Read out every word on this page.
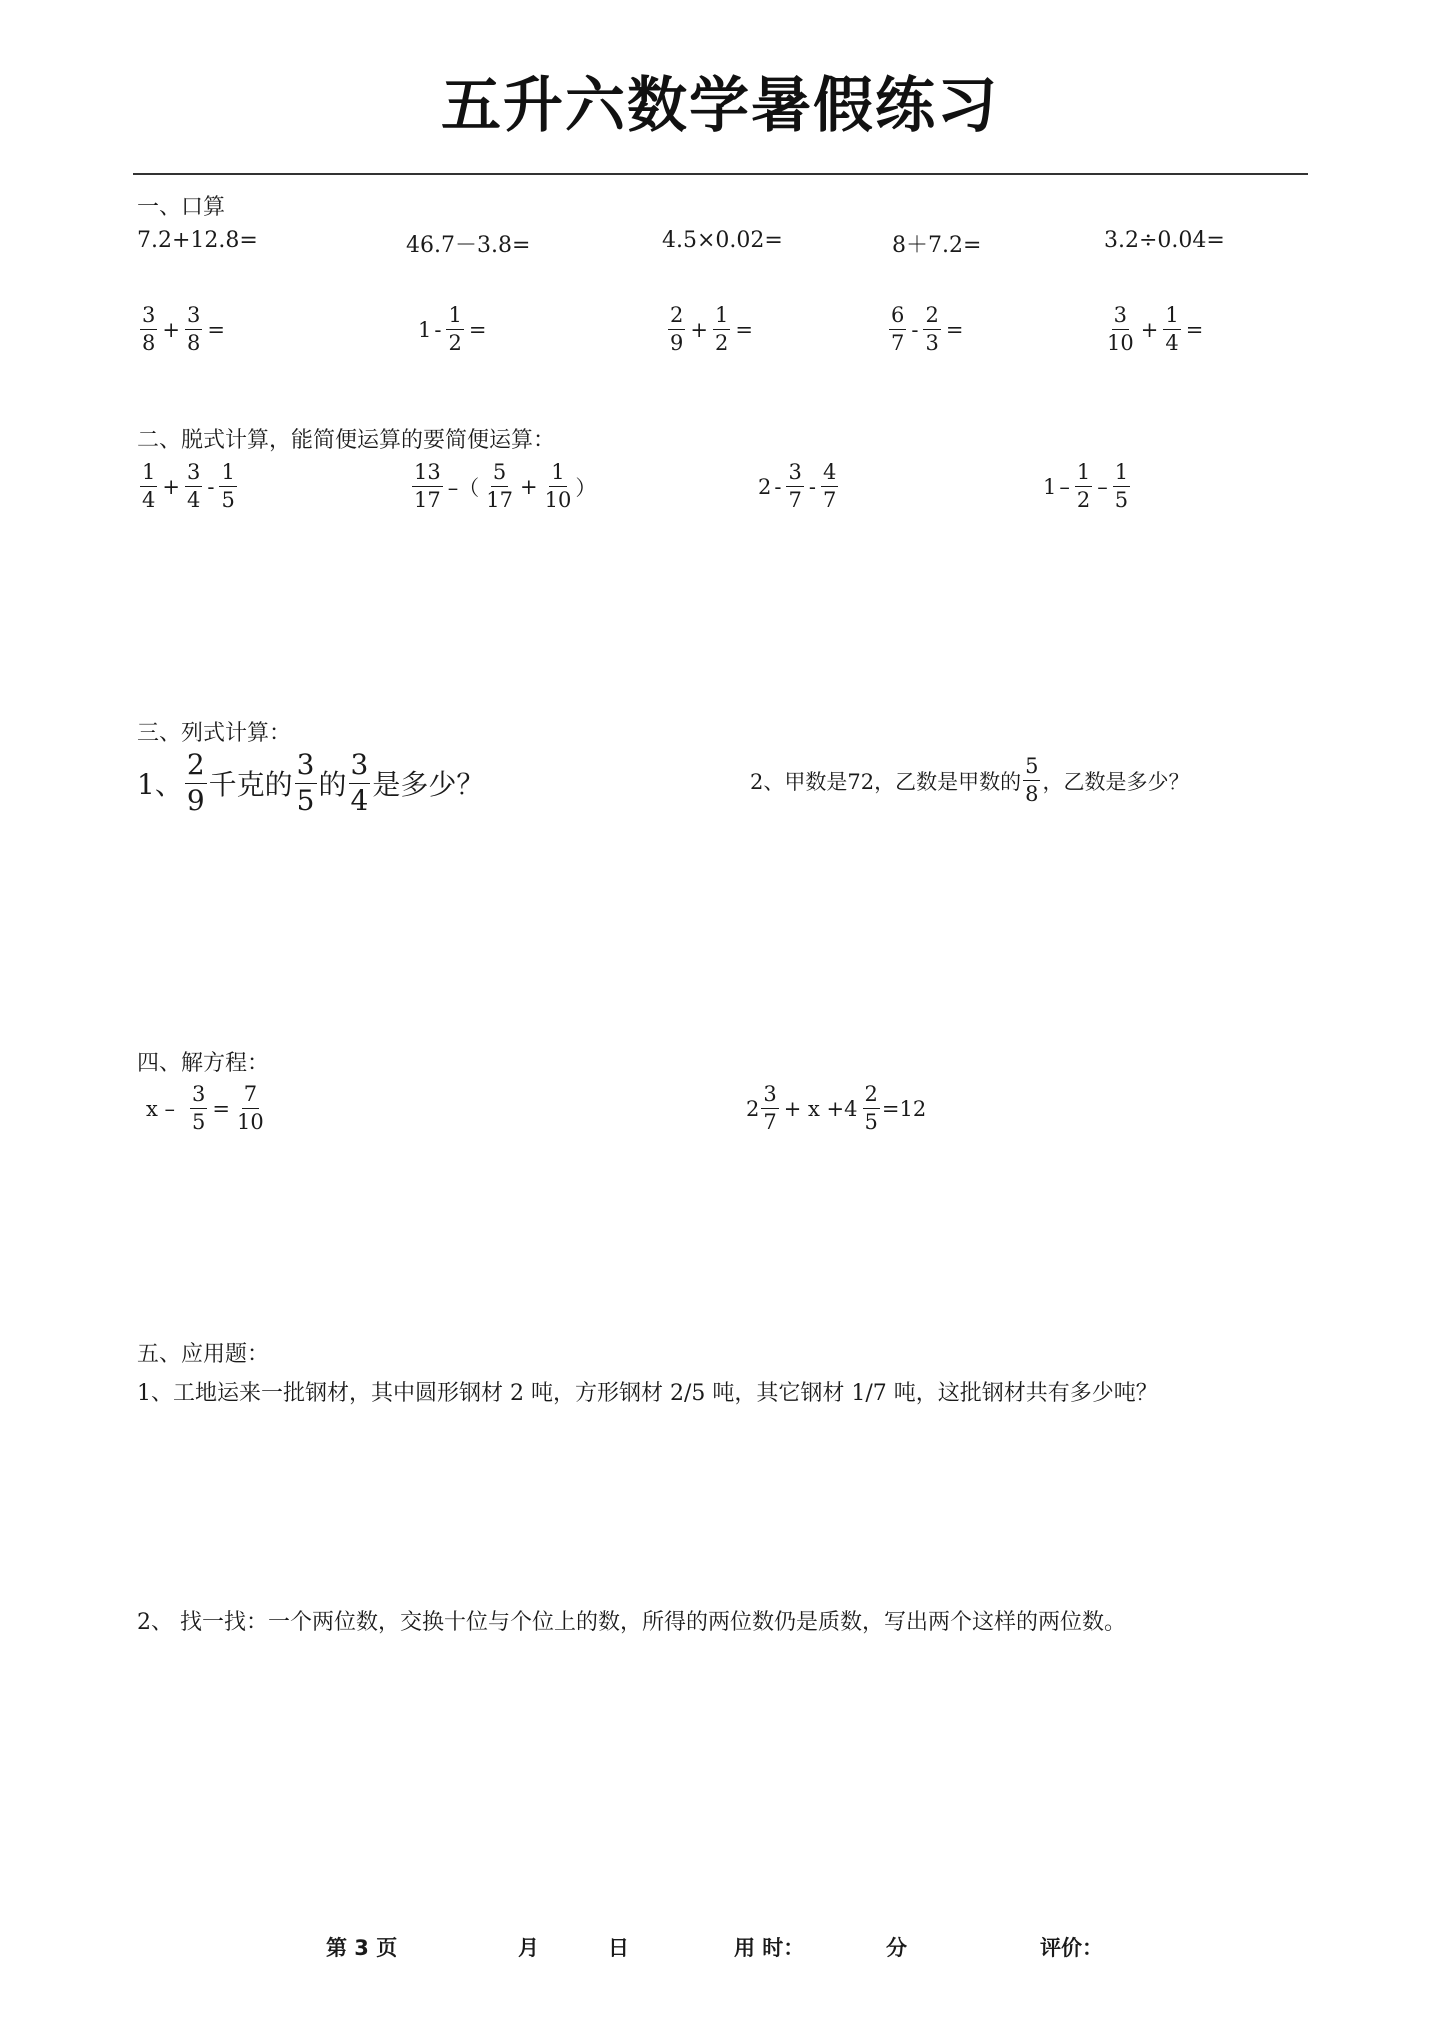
五升六数学暑假练习
一、口算
7.2+12.8=	46.7－3.8=	4.5×0.02=	8＋7.2=	3.2÷0.04=
$\frac{3}{8} + \frac{3}{8}$ =	$1 - \frac{1}{2}$ =	$\frac{2}{9} + \frac{1}{2}$ =	$\frac{6}{7} - \frac{2}{3}$ =	$\frac{3}{10} + \frac{1}{4}$ =
二、脱式计算，能简便运算的要简便运算：
$\frac{1}{4} + \frac{3}{4} - \frac{1}{5}$	$\frac{13}{17}$ –（ $\frac{5}{17} + \frac{1}{10}$ ）	$2 - \frac{3}{7} - \frac{4}{7}$	$1 - \frac{1}{2} - \frac{1}{5}$
三、列式计算：
1、 $\frac{2}{9}$ 千克的 $\frac{3}{5}$ 的 $\frac{3}{4}$ 是多少？	2、甲数是72，乙数是甲数的 $\frac{5}{8}$ ，乙数是多少？
四、解方程：
$x - \frac{3}{5} = \frac{7}{10}$	$2 \frac{3}{7} + x +4 \frac{2}{5} =12$
五、应用题：
1、工地运来一批钢材，其中圆形钢材 2 吨，方形钢材 2/5 吨，其它钢材 1/7 吨，这批钢材共有多少吨？
2、 找一找：一个两位数，交换十位与个位上的数，所得的两位数仍是质数，写出两个这样的两位数。
第 3 页	月	日	用 时：	分	评价：
